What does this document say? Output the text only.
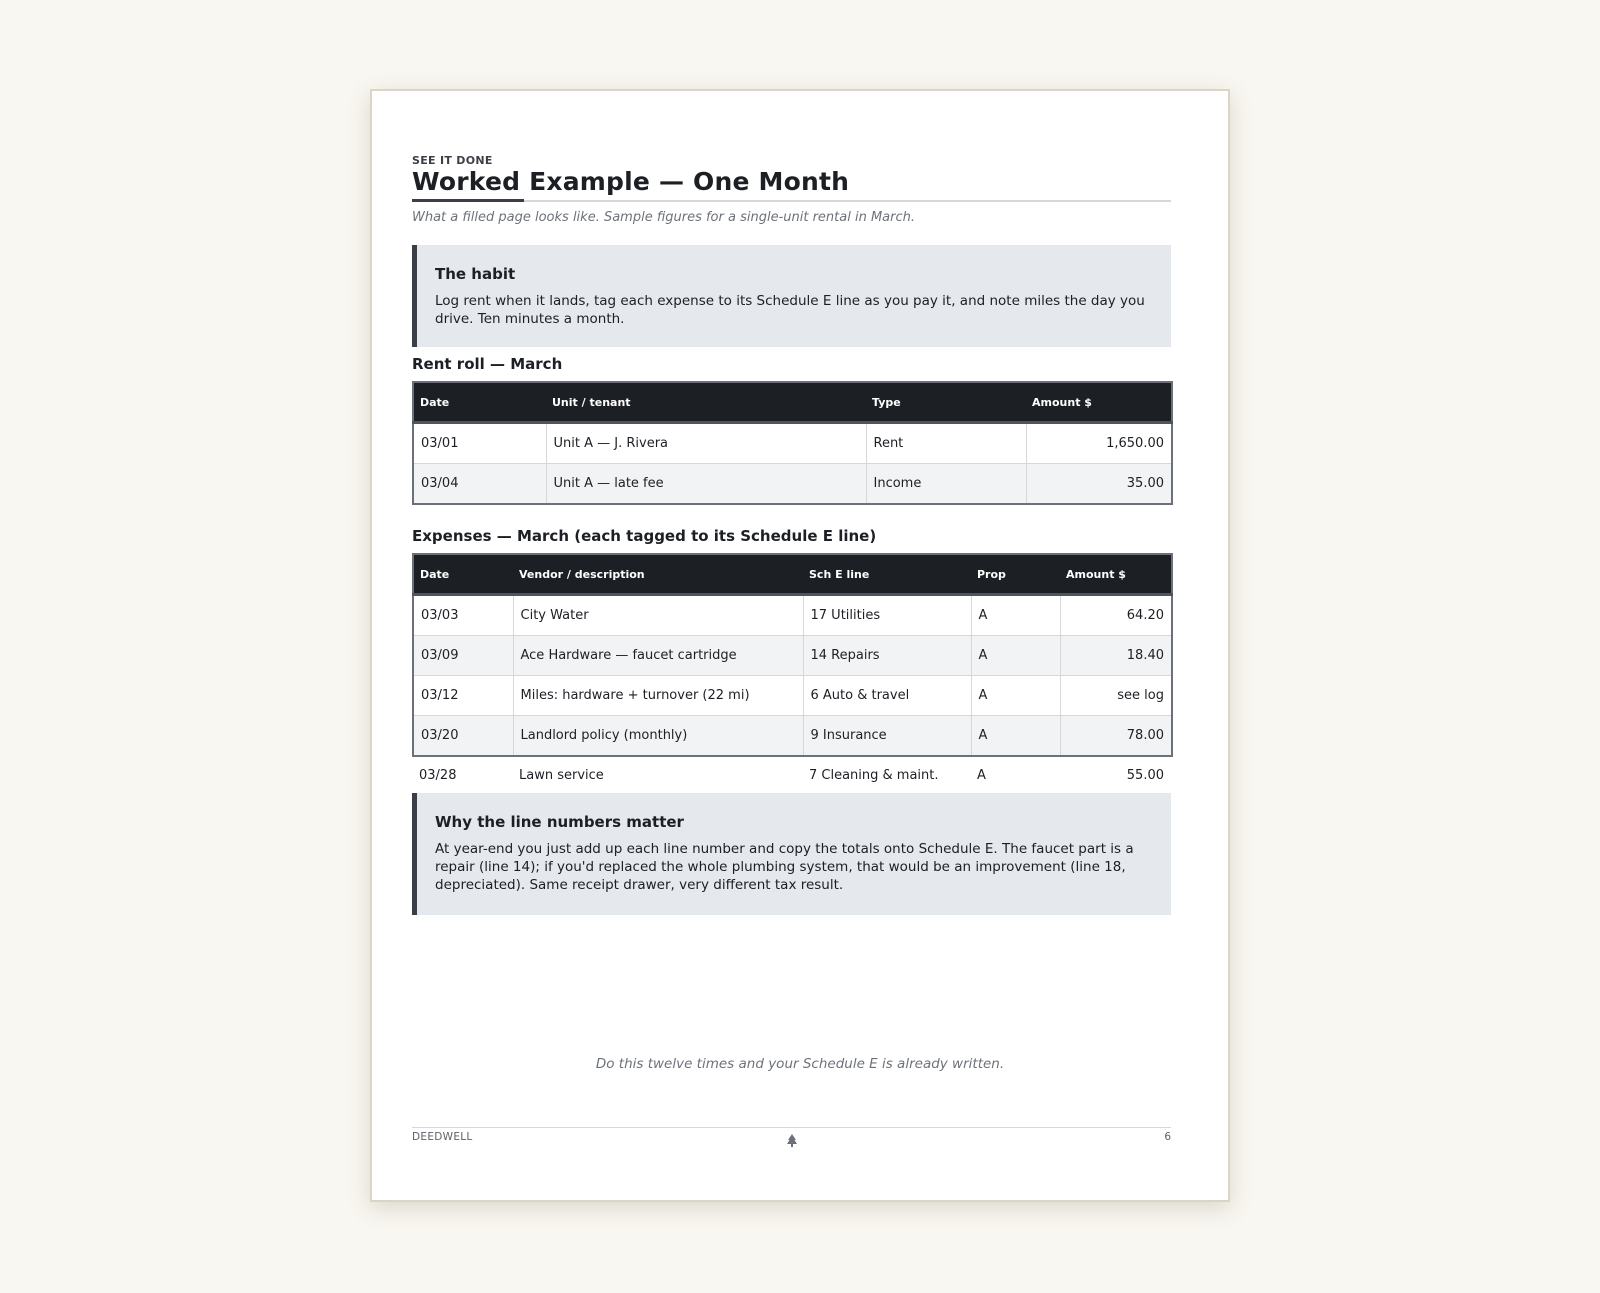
SEE IT DONE
Worked Example — One Month
What a filled page looks like. Sample figures for a single-unit rental in March.
The habit
Log rent when it lands, tag each expense to its Schedule E line as you pay it, and note miles the day you drive. Ten minutes a month.
Rent roll — March
Date	Unit / tenant	Type	Amount $
03/01	Unit A — J. Rivera	Rent	1,650.00
03/04	Unit A — late fee	Income	35.00
Expenses — March (each tagged to its Schedule E line)
Date	Vendor / description	Sch E line	Prop	Amount $
03/03	City Water	17 Utilities	A	64.20
03/09	Ace Hardware — faucet cartridge	14 Repairs	A	18.40
03/12	Miles: hardware + turnover (22 mi)	6 Auto & travel	A	see log
03/20	Landlord policy (monthly)	9 Insurance	A	78.00
03/28	Lawn service	7 Cleaning & maint.	A	55.00
Why the line numbers matter
At year-end you just add up each line number and copy the totals onto Schedule E. The faucet part is a repair (line 14); if you'd replaced the whole plumbing system, that would be an improvement (line 18, depreciated). Same receipt drawer, very different tax result.
Do this twelve times and your Schedule E is already written.
DEEDWELL	6
